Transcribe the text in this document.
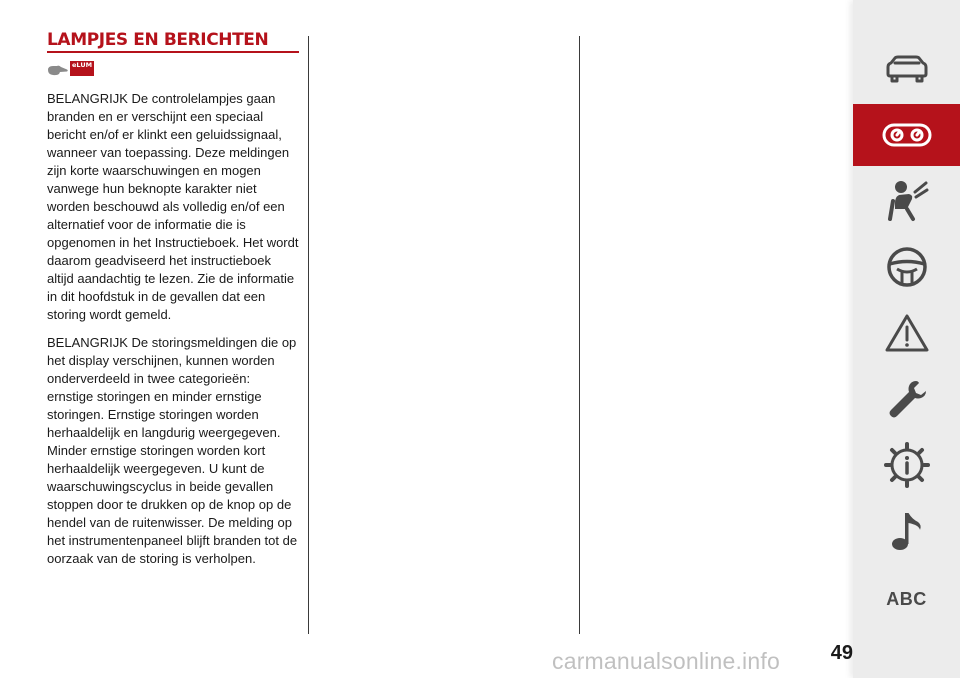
LAMPJES EN BERICHTEN
eLUM

BELANGRIJK De controlelampjes gaan branden en er verschijnt een speciaal bericht en/of er klinkt een geluidssignaal, wanneer van toepassing. Deze meldingen zijn korte waarschuwingen en mogen vanwege hun beknopte karakter niet worden beschouwd als volledig en/of een alternatief voor de informatie die is opgenomen in het Instructieboek. Het wordt daarom geadviseerd het instructieboek altijd aandachtig te lezen. Zie de informatie in dit hoofdstuk in de gevallen dat een storing wordt gemeld.

BELANGRIJK De storingsmeldingen die op het display verschijnen, kunnen worden onderverdeeld in twee categorieën: ernstige storingen en minder ernstige storingen. Ernstige storingen worden herhaaldelijk en langdurig weergegeven. Minder ernstige storingen worden kort herhaaldelijk weergegeven. U kunt de waarschuwingscyclus in beide gevallen stoppen door te drukken op de knop op de hendel van de ruitenwisser. De melding op het instrumentenpaneel blijft branden tot de oorzaak van de storing is verholpen.

ABC
carmanualsonline.info	49
